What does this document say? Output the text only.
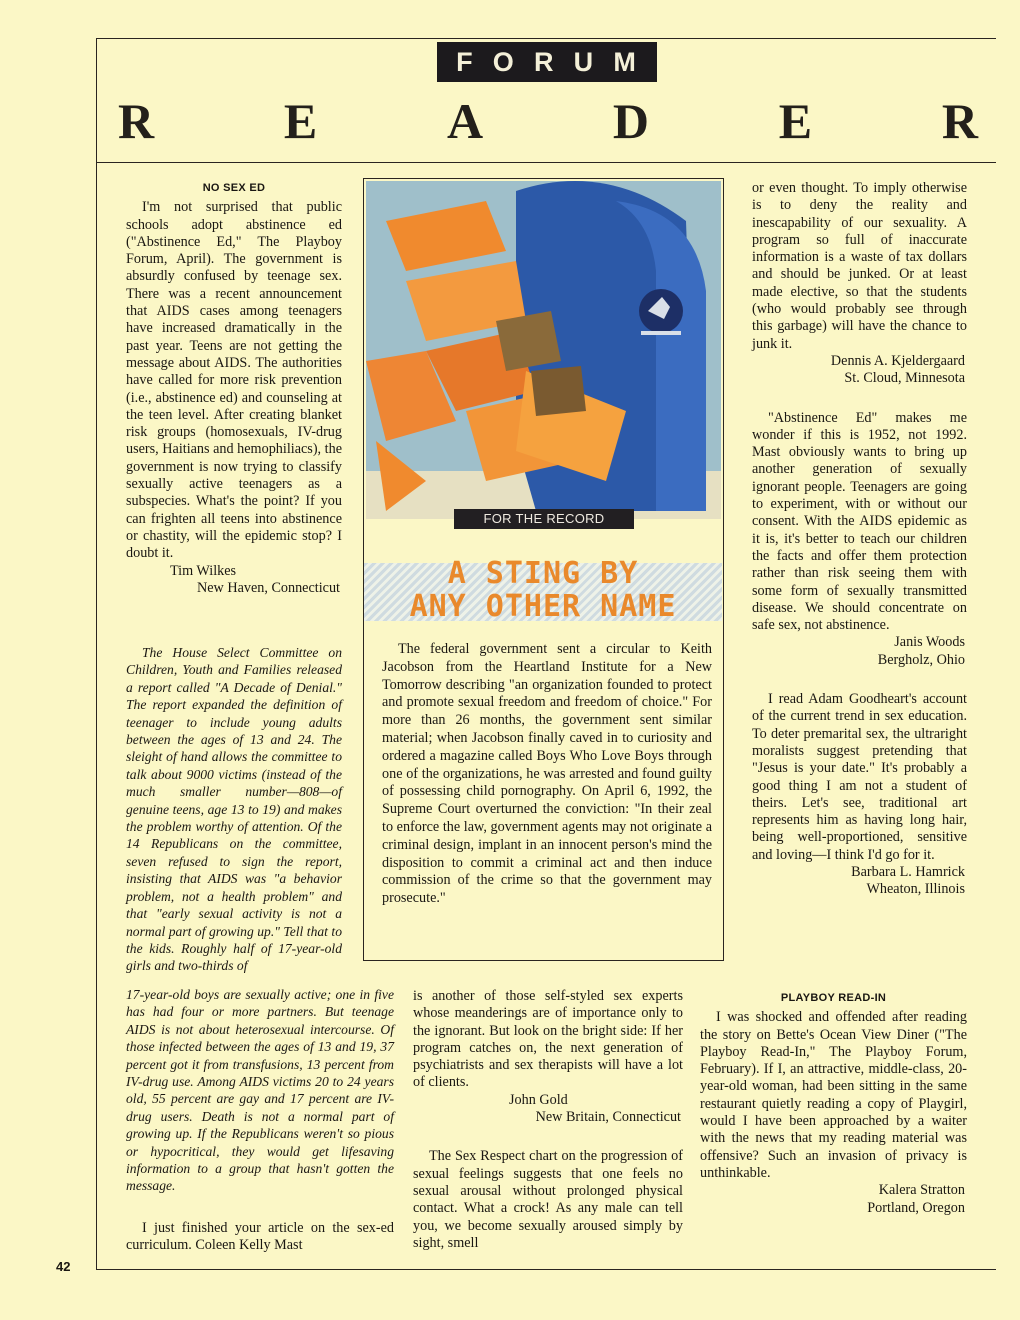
F O R U M
R	E	A	D	E	R
NO SEX ED

I'm not surprised that public schools adopt abstinence ed ("Abstinence Ed," The Playboy Forum, April). The government is absurdly confused by teenage sex. There was a recent announcement that AIDS cases among teenagers have increased dramatically in the past year. Teens are not getting the message about AIDS. The authorities have called for more risk prevention (i.e., abstinence ed) and counseling at the teen level. After creating blanket risk groups (homosexuals, IV-drug users, Haitians and hemophiliacs), the government is now trying to classify sexually active teenagers as a subspecies. What's the point? If you can frighten all teens into abstinence or chastity, will the epidemic stop? I doubt it.

Tim Wilkes
New Haven, Connecticut

The House Select Committee on Children, Youth and Families released a report called "A Decade of Denial." The report expanded the definition of teenager to include young adults between the ages of 13 and 24. The sleight of hand allows the committee to talk about 9000 victims (instead of the much smaller number—808—of genuine teens, age 13 to 19) and makes the problem worthy of attention. Of the 14 Republicans on the committee, seven refused to sign the report, insisting that AIDS was "a behavior problem, not a health problem" and that "early sexual activity is not a normal part of growing up." Tell that to the kids. Roughly half of 17-year-old girls and two-thirds of

17-year-old boys are sexually active; one in five has had four or more partners. But teenage AIDS is not about heterosexual intercourse. Of those infected between the ages of 13 and 19, 37 percent got it from transfusions, 13 percent from IV-drug use. Among AIDS victims 20 to 24 years old, 55 percent are gay and 17 percent are IV-drug users. Death is not a normal part of growing up. If the Republicans weren't so pious or hypocritical, they would get lifesaving information to a group that hasn't gotten the message.

I just finished your article on the sex-ed curriculum. Coleen Kelly Mast

FOR THE RECORD
A STING BY
ANY OTHER NAME
The federal government sent a circular to Keith Jacobson from the Heartland Institute for a New Tomorrow describing "an organization founded to protect and promote sexual freedom and freedom of choice." For more than 26 months, the government sent similar material; when Jacobson finally caved in to curiosity and ordered a magazine called Boys Who Love Boys through one of the organizations, he was arrested and found guilty of possessing child pornography. On April 6, 1992, the Supreme Court overturned the conviction: "In their zeal to enforce the law, government agents may not originate a criminal design, implant in an innocent person's mind the disposition to commit a criminal act and then induce commission of the crime so that the government may prosecute."

is another of those self-styled sex experts whose meanderings are of importance only to the ignorant. But look on the bright side: If her program catches on, the next generation of psychiatrists and sex therapists will have a lot of clients.

John Gold
New Britain, Connecticut

The Sex Respect chart on the progression of sexual feelings suggests that one feels no sexual arousal without prolonged physical contact. What a crock! As any male can tell you, we become sexually aroused simply by sight, smell

or even thought. To imply otherwise is to deny the reality and inescapability of our sexuality. A program so full of inaccurate information is a waste of tax dollars and should be junked. Or at least made elective, so that the students (who would probably see through this garbage) will have the chance to junk it.

Dennis A. Kjeldergaard
St. Cloud, Minnesota

"Abstinence Ed" makes me wonder if this is 1952, not 1992. Mast obviously wants to bring up another generation of sexually ignorant people. Teenagers are going to experiment, with or without our consent. With the AIDS epidemic as it is, it's better to teach our children the facts and offer them protection rather than risk seeing them with some form of sexually transmitted disease. We should concentrate on safe sex, not abstinence.

Janis Woods
Bergholz, Ohio

I read Adam Goodheart's account of the current trend in sex education. To deter premarital sex, the ultraright moralists suggest pretending that "Jesus is your date." It's probably a good thing I am not a student of theirs. Let's see, traditional art represents him as having long hair, being well-proportioned, sensitive and loving—I think I'd go for it.

Barbara L. Hamrick
Wheaton, Illinois
PLAYBOY READ-IN

I was shocked and offended after reading the story on Bette's Ocean View Diner ("The Playboy Read-In," The Playboy Forum, February). If I, an attractive, middle-class, 20-year-old woman, had been sitting in the same restaurant quietly reading a copy of Playgirl, would I have been approached by a waiter with the news that my reading material was offensive? Such an invasion of privacy is unthinkable.

Kalera Stratton
Portland, Oregon
42
